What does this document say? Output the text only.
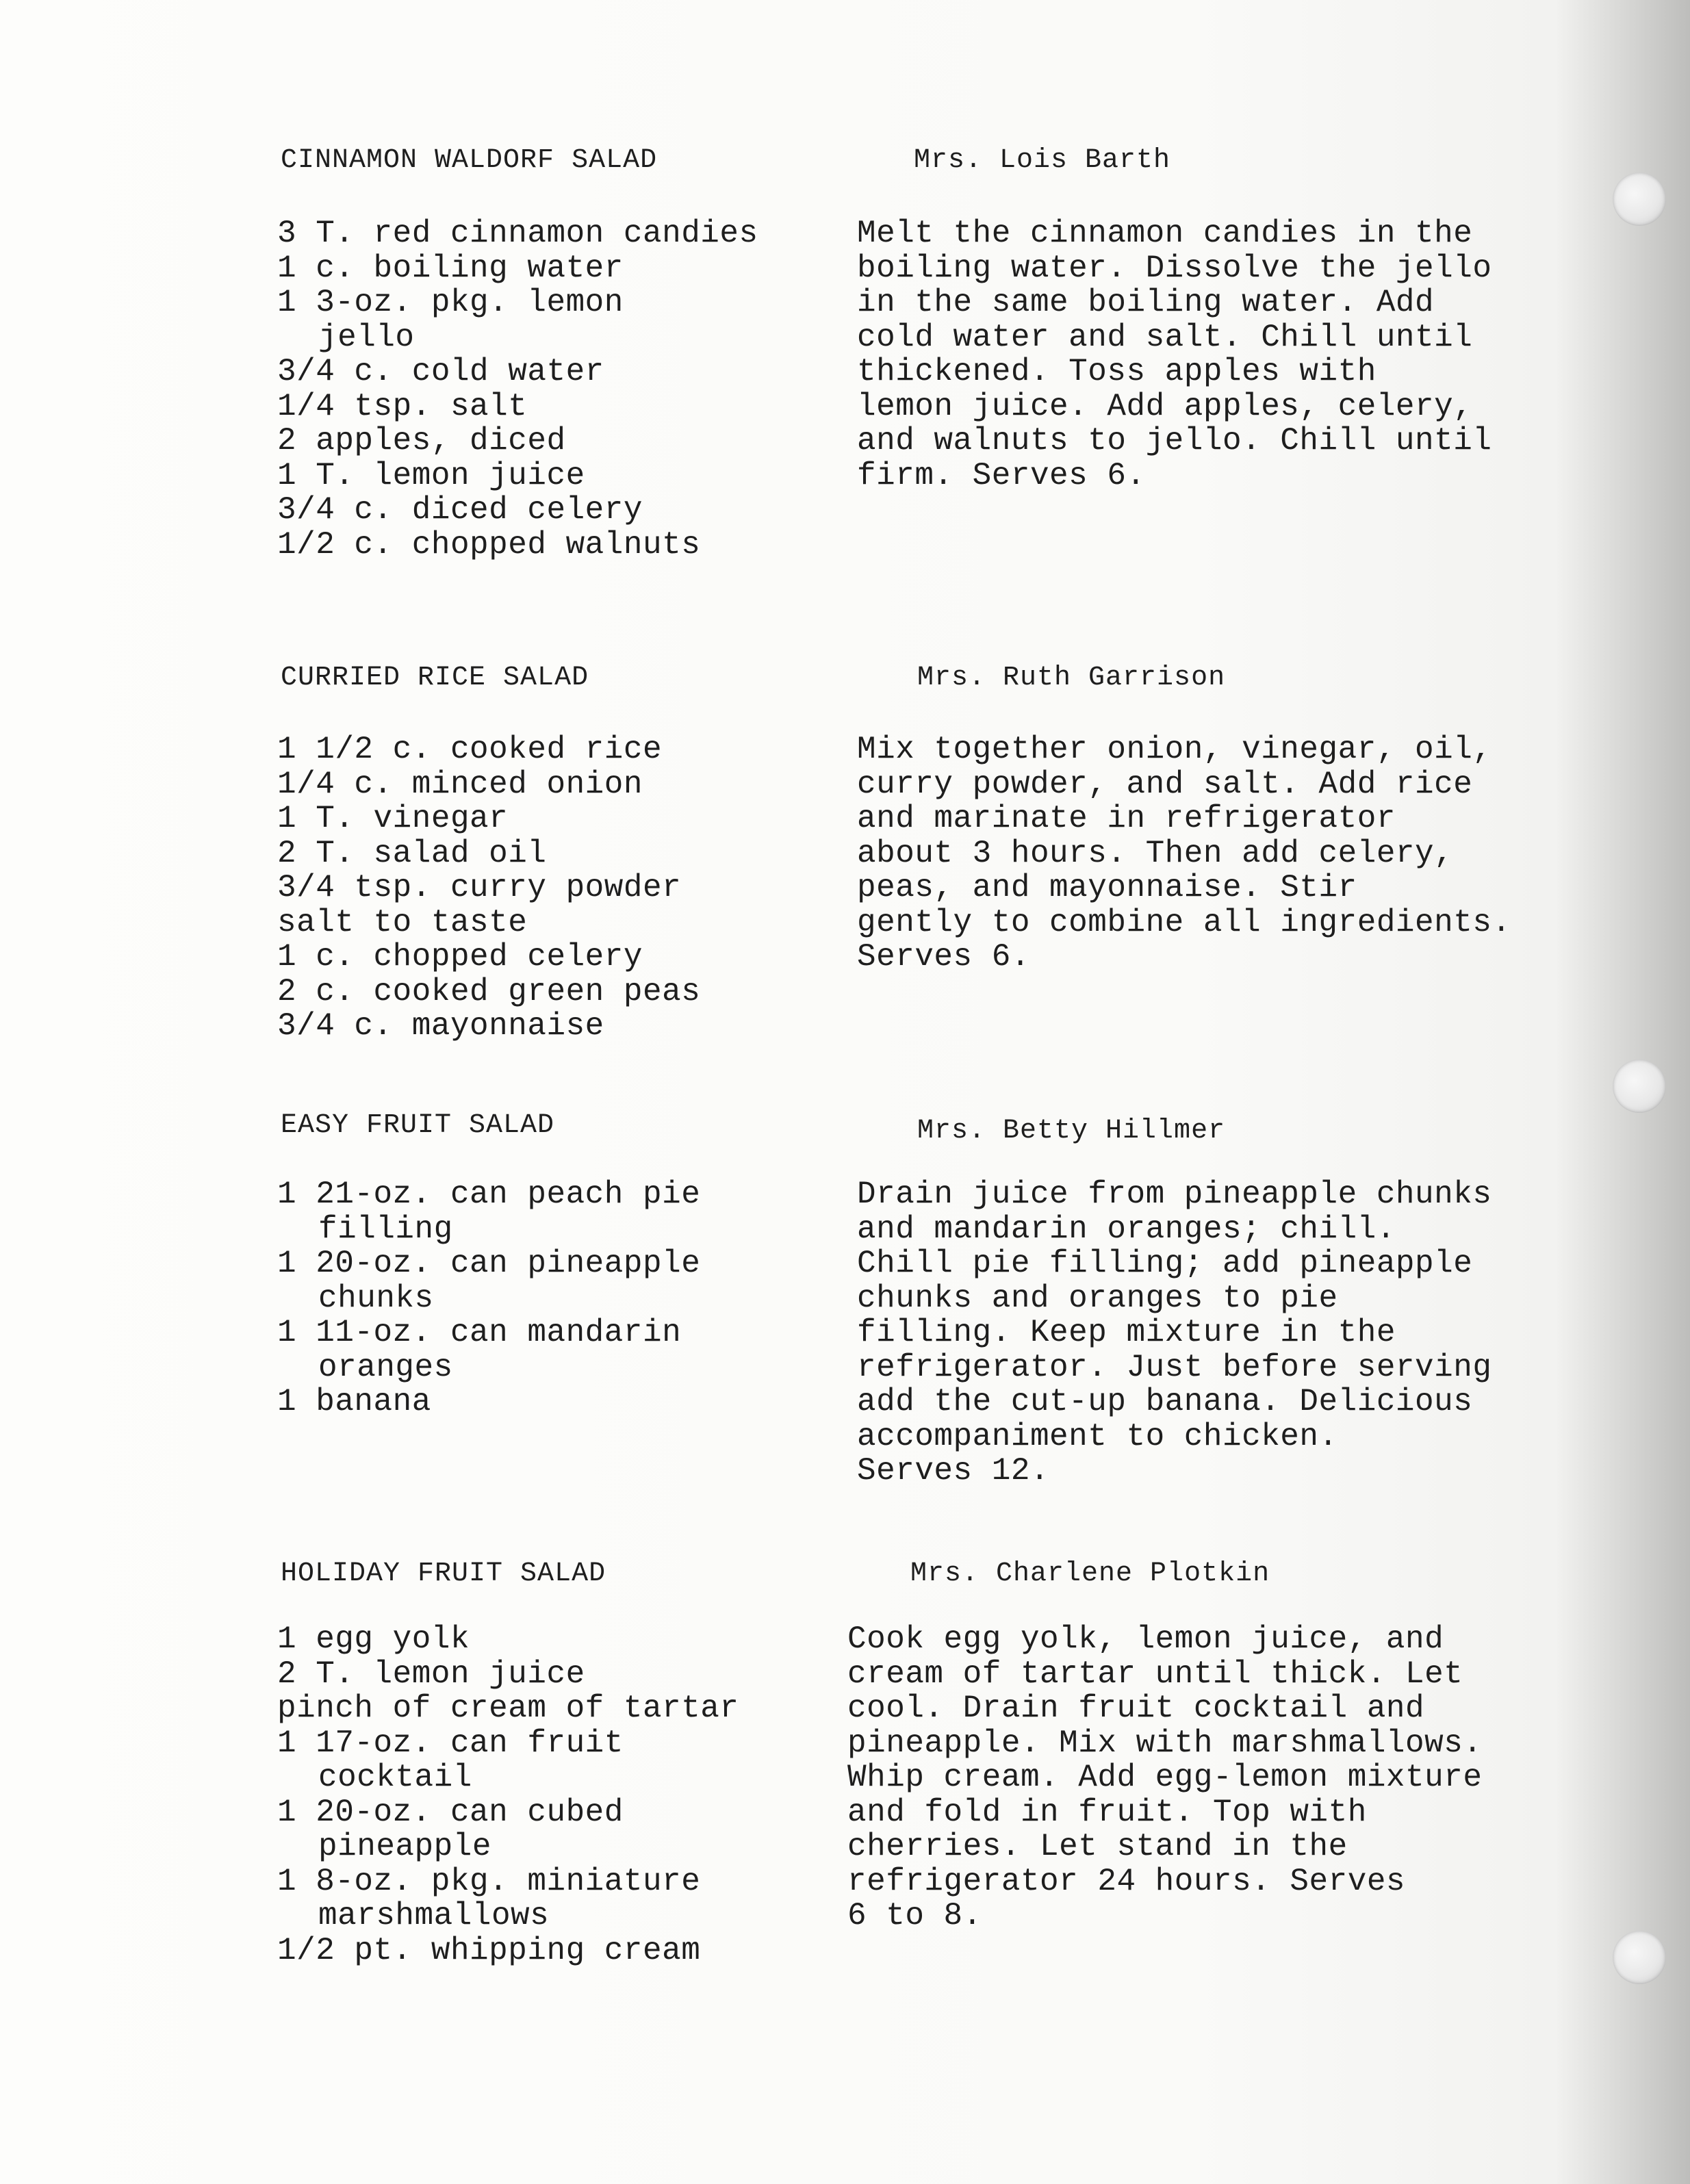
CINNAMON WALDORF SALAD	Mrs. Lois Barth
3 T. red cinnamon candies
1 c. boiling water
1 3-oz. pkg. lemon
jello
3/4 c. cold water
1/4 tsp. salt
2 apples, diced
1 T. lemon juice
3/4 c. diced celery
1/2 c. chopped walnuts
Melt the cinnamon candies in the
boiling water. Dissolve the jello
in the same boiling water. Add
cold water and salt. Chill until
thickened. Toss apples with
lemon juice. Add apples, celery,
and walnuts to jello. Chill until
firm. Serves 6.
CURRIED RICE SALAD	Mrs. Ruth Garrison
1 1/2 c. cooked rice
1/4 c. minced onion
1 T. vinegar
2 T. salad oil
3/4 tsp. curry powder
salt to taste
1 c. chopped celery
2 c. cooked green peas
3/4 c. mayonnaise
Mix together onion, vinegar, oil,
curry powder, and salt. Add rice
and marinate in refrigerator
about 3 hours. Then add celery,
peas, and mayonnaise. Stir
gently to combine all ingredients.
Serves 6.
EASY FRUIT SALAD	Mrs. Betty Hillmer
1 21-oz. can peach pie
filling
1 20-oz. can pineapple
chunks
1 11-oz. can mandarin
oranges
1 banana
Drain juice from pineapple chunks
and mandarin oranges; chill.
Chill pie filling; add pineapple
chunks and oranges to pie
filling. Keep mixture in the
refrigerator. Just before serving
add the cut-up banana. Delicious
accompaniment to chicken.
Serves 12.
HOLIDAY FRUIT SALAD	Mrs. Charlene Plotkin
1 egg yolk
2 T. lemon juice
pinch of cream of tartar
1 17-oz. can fruit
cocktail
1 20-oz. can cubed
pineapple
1 8-oz. pkg. miniature
marshmallows
1/2 pt. whipping cream
Cook egg yolk, lemon juice, and
cream of tartar until thick. Let
cool. Drain fruit cocktail and
pineapple. Mix with marshmallows.
Whip cream. Add egg-lemon mixture
and fold in fruit. Top with
cherries. Let stand in the
refrigerator 24 hours. Serves
6 to 8.
